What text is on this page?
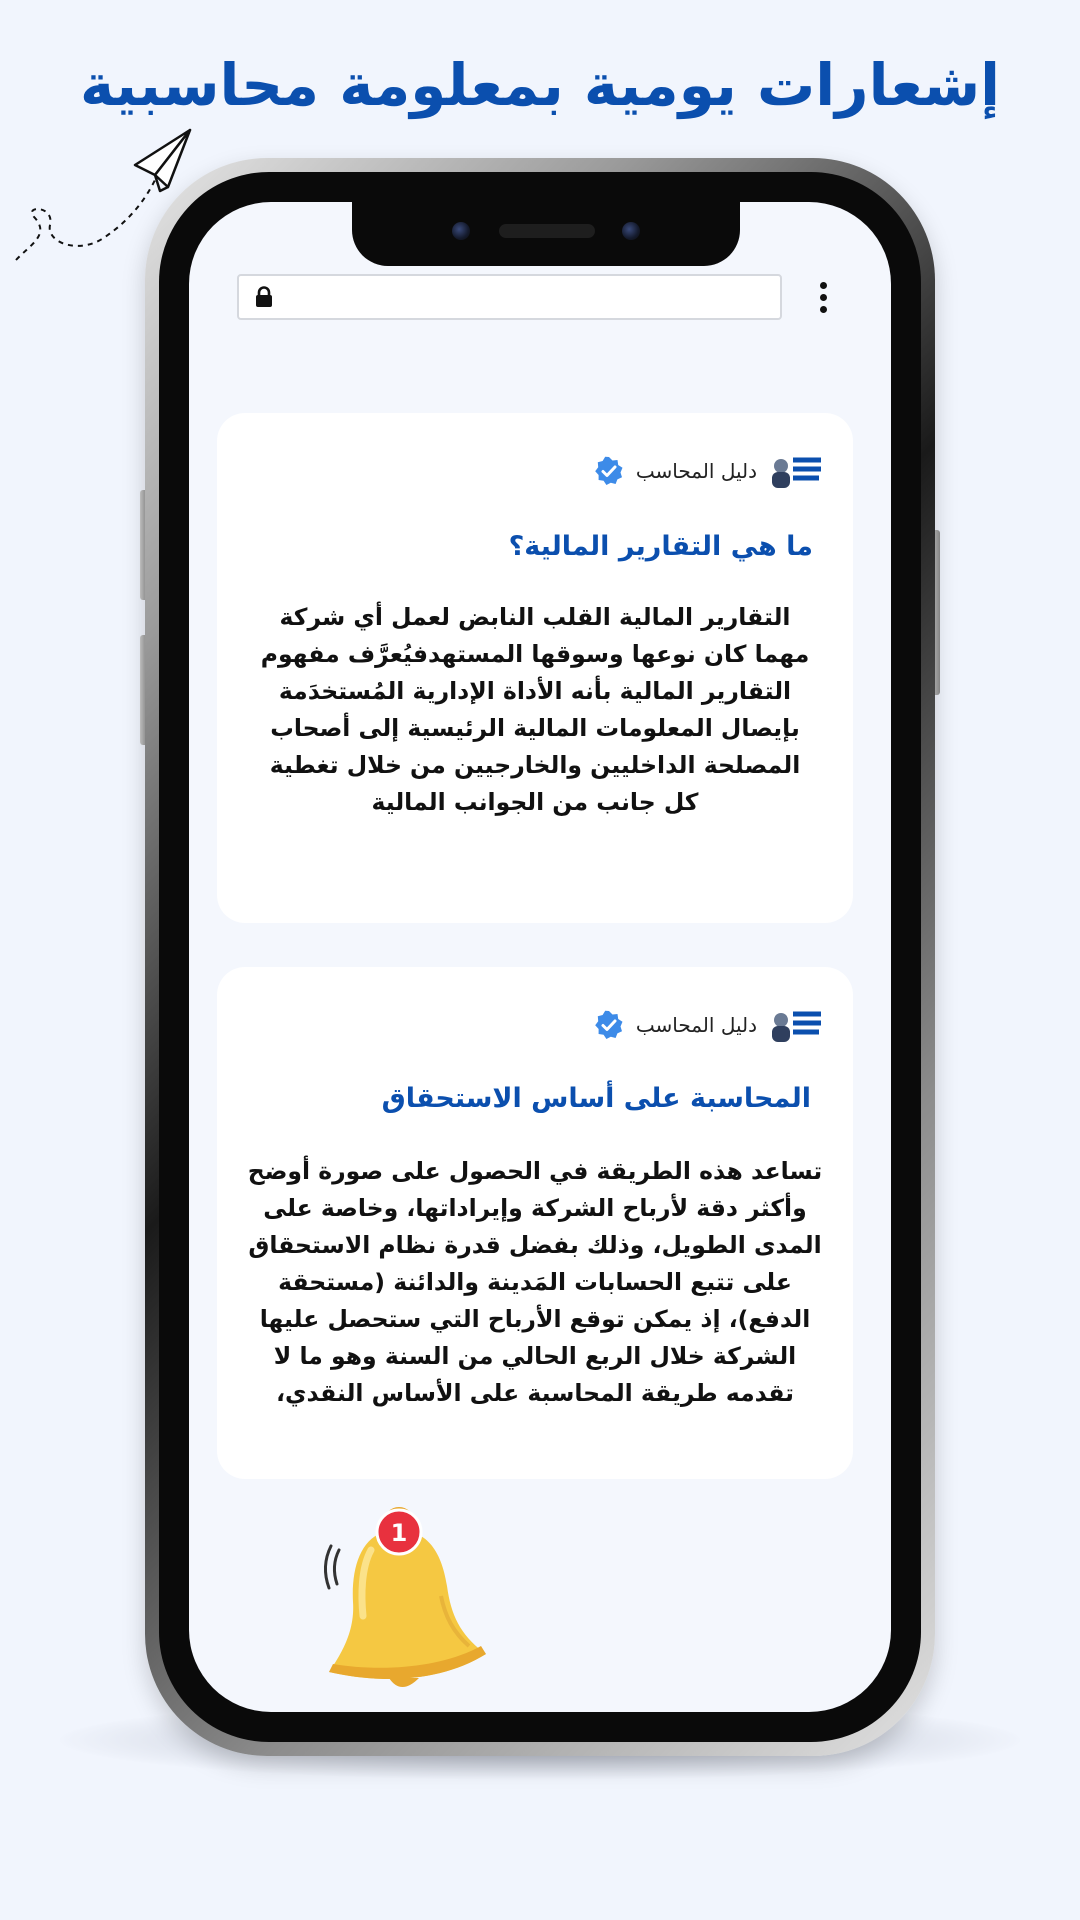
إشعارات يومية بمعلومة محاسبية
دليل المحاسب
ما هي التقارير المالية؟
التقارير المالية القلب النابض لعمل أي شركة مهما كان نوعها وسوقها المستهدفيُعرَّف مفهوم التقارير المالية بأنه الأداة الإدارية المُستخدَمة بإيصال المعلومات المالية الرئيسية إلى أصحاب المصلحة الداخليين والخارجيين من خلال تغطية كل جانب من الجوانب المالية
دليل المحاسب
المحاسبة على أساس الاستحقاق
تساعد هذه الطريقة في الحصول على صورة أوضح وأكثر دقة لأرباح الشركة وإيراداتها، وخاصة على المدى الطويل، وذلك بفضل قدرة نظام الاستحقاق على تتبع الحسابات المَدينة والدائنة (مستحقة الدفع)، إذ يمكن توقع الأرباح التي ستحصل عليها الشركة خلال الربع الحالي من السنة وهو ما لا تقدمه طريقة المحاسبة على الأساس النقدي،
1
